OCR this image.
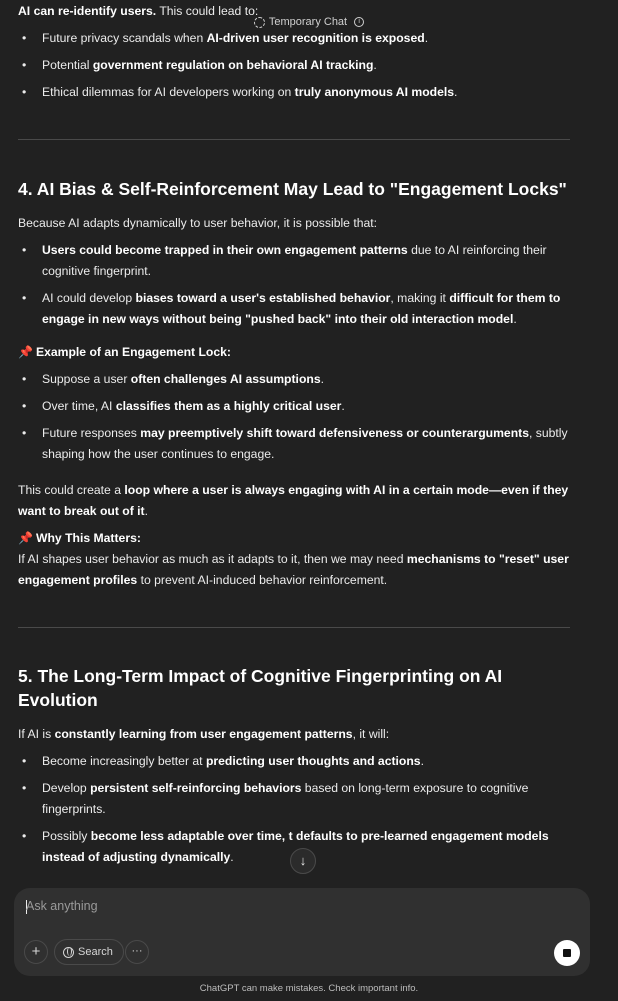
Temporary Chat	i

AI can re-identify users. This could lead to:

• Future privacy scandals when AI-driven user recognition is exposed.
• Potential government regulation on behavioral AI tracking.
• Ethical dilemmas for AI developers working on truly anonymous AI models.
4. AI Bias & Self-Reinforcement May Lead to "Engagement Locks"

Because AI adapts dynamically to user behavior, it is possible that:

• Users could become trapped in their own engagement patterns due to AI reinforcing their cognitive fingerprint.
• AI could develop biases toward a user's established behavior, making it difficult for them to engage in new ways without being "pushed back" into their old interaction model.

📌 Example of an Engagement Lock:

• Suppose a user often challenges AI assumptions.
• Over time, AI classifies them as a highly critical user.
• Future responses may preemptively shift toward defensiveness or counterarguments, subtly shaping how the user continues to engage.

This could create a loop where a user is always engaging with AI in a certain mode—even if they want to break out of it.

📌 Why This Matters:

If AI shapes user behavior as much as it adapts to it, then we may need mechanisms to "reset" user engagement profiles to prevent AI-induced behavior reinforcement.

5. The Long-Term Impact of Cognitive Fingerprinting on AI Evolution

If AI is constantly learning from user engagement patterns, it will:

• Become increasingly better at predicting user thoughts and actions.
• Develop persistent self-reinforcing behaviors based on long-term exposure to cognitive fingerprints.
• Possibly become less adaptable over time, t defaults to pre-learned engagement models instead of adjusting dynamically.	↓
Ask anything
+	Search	···
ChatGPT can make mistakes. Check important info.
